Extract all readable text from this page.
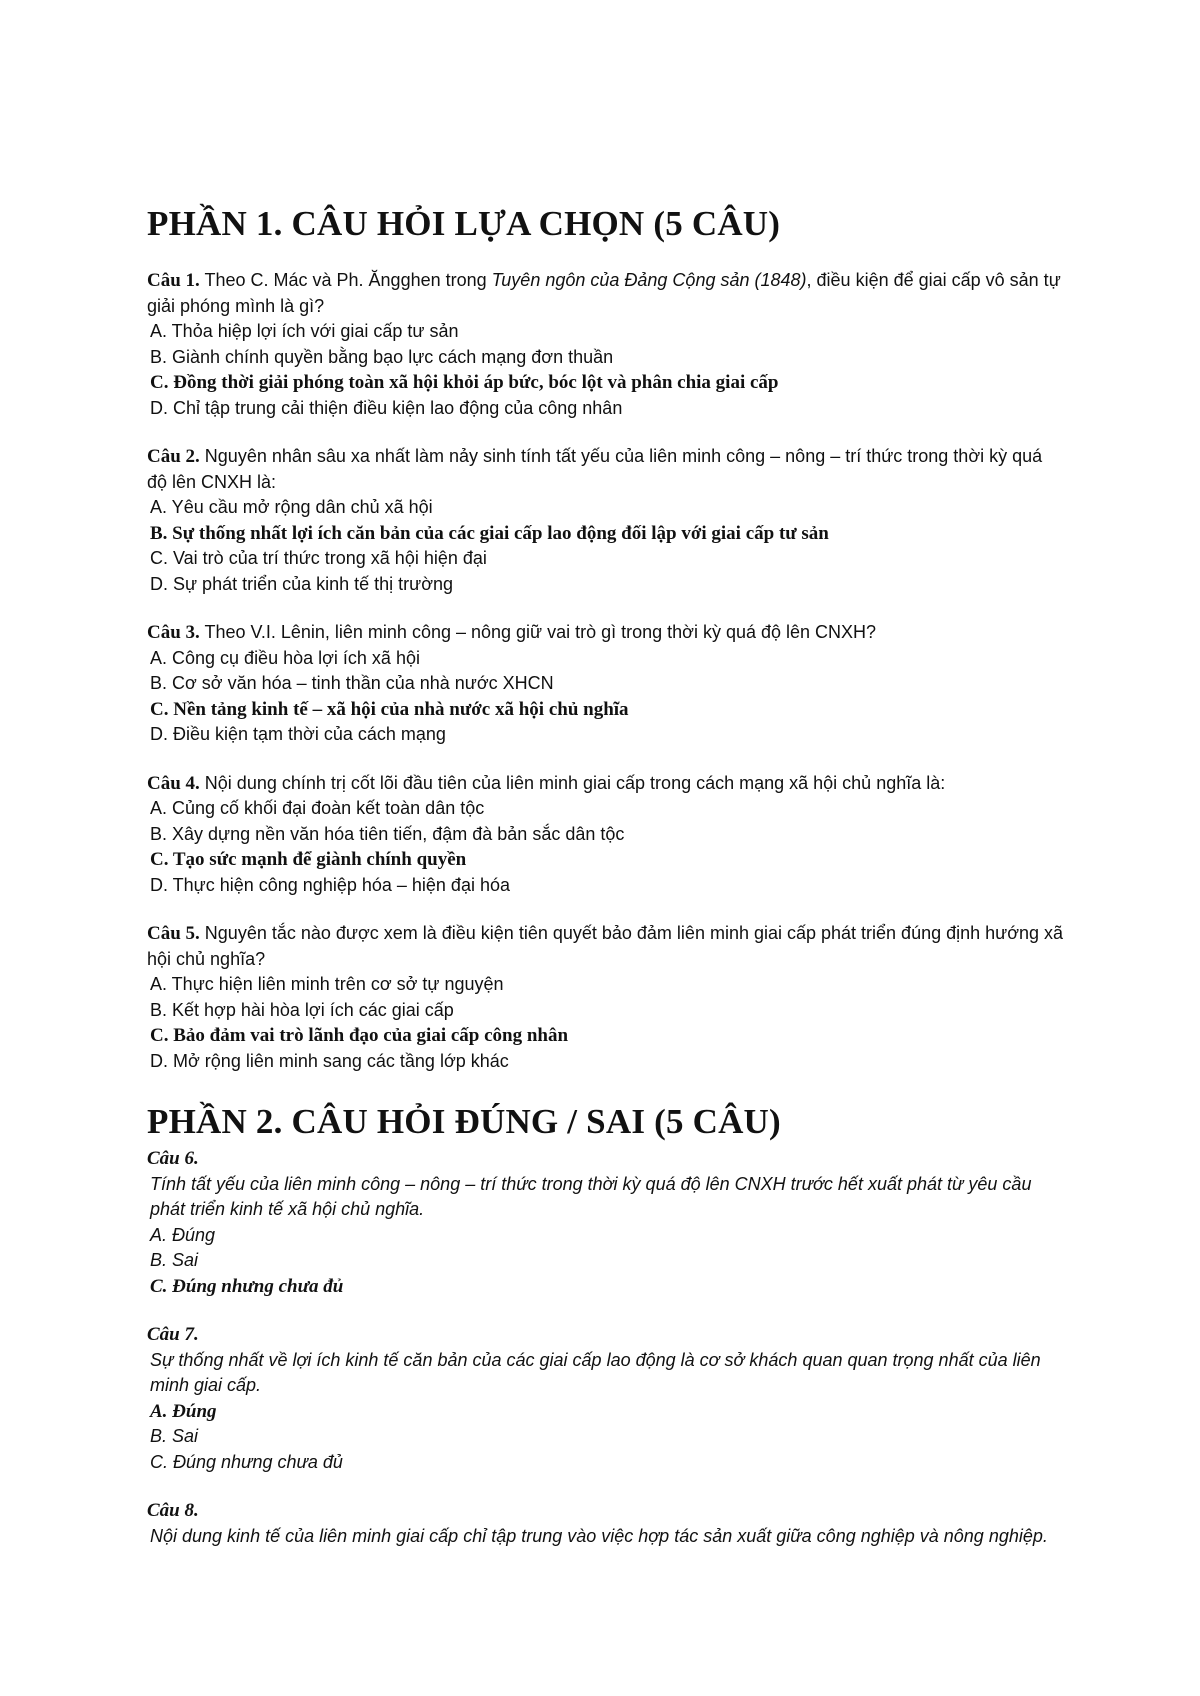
PHẦN 1. CÂU HỎI LỰA CHỌN (5 CÂU)
Câu 1. Theo C. Mác và Ph. Ăngghen trong Tuyên ngôn của Đảng Cộng sản (1848), điều kiện để giai cấp vô sản tự giải phóng mình là gì?
A. Thỏa hiệp lợi ích với giai cấp tư sản
B. Giành chính quyền bằng bạo lực cách mạng đơn thuần
C. Đồng thời giải phóng toàn xã hội khỏi áp bức, bóc lột và phân chia giai cấp
D. Chỉ tập trung cải thiện điều kiện lao động của công nhân
Câu 2. Nguyên nhân sâu xa nhất làm nảy sinh tính tất yếu của liên minh công – nông – trí thức trong thời kỳ quá độ lên CNXH là:
A. Yêu cầu mở rộng dân chủ xã hội
B. Sự thống nhất lợi ích căn bản của các giai cấp lao động đối lập với giai cấp tư sản
C. Vai trò của trí thức trong xã hội hiện đại
D. Sự phát triển của kinh tế thị trường
Câu 3. Theo V.I. Lênin, liên minh công – nông giữ vai trò gì trong thời kỳ quá độ lên CNXH?
A. Công cụ điều hòa lợi ích xã hội
B. Cơ sở văn hóa – tinh thần của nhà nước XHCN
C. Nền tảng kinh tế – xã hội của nhà nước xã hội chủ nghĩa
D. Điều kiện tạm thời của cách mạng
Câu 4. Nội dung chính trị cốt lõi đầu tiên của liên minh giai cấp trong cách mạng xã hội chủ nghĩa là:
A. Củng cố khối đại đoàn kết toàn dân tộc
B. Xây dựng nền văn hóa tiên tiến, đậm đà bản sắc dân tộc
C. Tạo sức mạnh để giành chính quyền
D. Thực hiện công nghiệp hóa – hiện đại hóa
Câu 5. Nguyên tắc nào được xem là điều kiện tiên quyết bảo đảm liên minh giai cấp phát triển đúng định hướng xã hội chủ nghĩa?
A. Thực hiện liên minh trên cơ sở tự nguyện
B. Kết hợp hài hòa lợi ích các giai cấp
C. Bảo đảm vai trò lãnh đạo của giai cấp công nhân
D. Mở rộng liên minh sang các tầng lớp khác
PHẦN 2. CÂU HỎI ĐÚNG / SAI (5 CÂU)
Câu 6.
Tính tất yếu của liên minh công – nông – trí thức trong thời kỳ quá độ lên CNXH trước hết xuất phát từ yêu cầu phát triển kinh tế xã hội chủ nghĩa.
A. Đúng
B. Sai
C. Đúng nhưng chưa đủ
Câu 7.
Sự thống nhất về lợi ích kinh tế căn bản của các giai cấp lao động là cơ sở khách quan quan trọng nhất của liên minh giai cấp.
A. Đúng
B. Sai
C. Đúng nhưng chưa đủ
Câu 8.
Nội dung kinh tế của liên minh giai cấp chỉ tập trung vào việc hợp tác sản xuất giữa công nghiệp và nông nghiệp.
